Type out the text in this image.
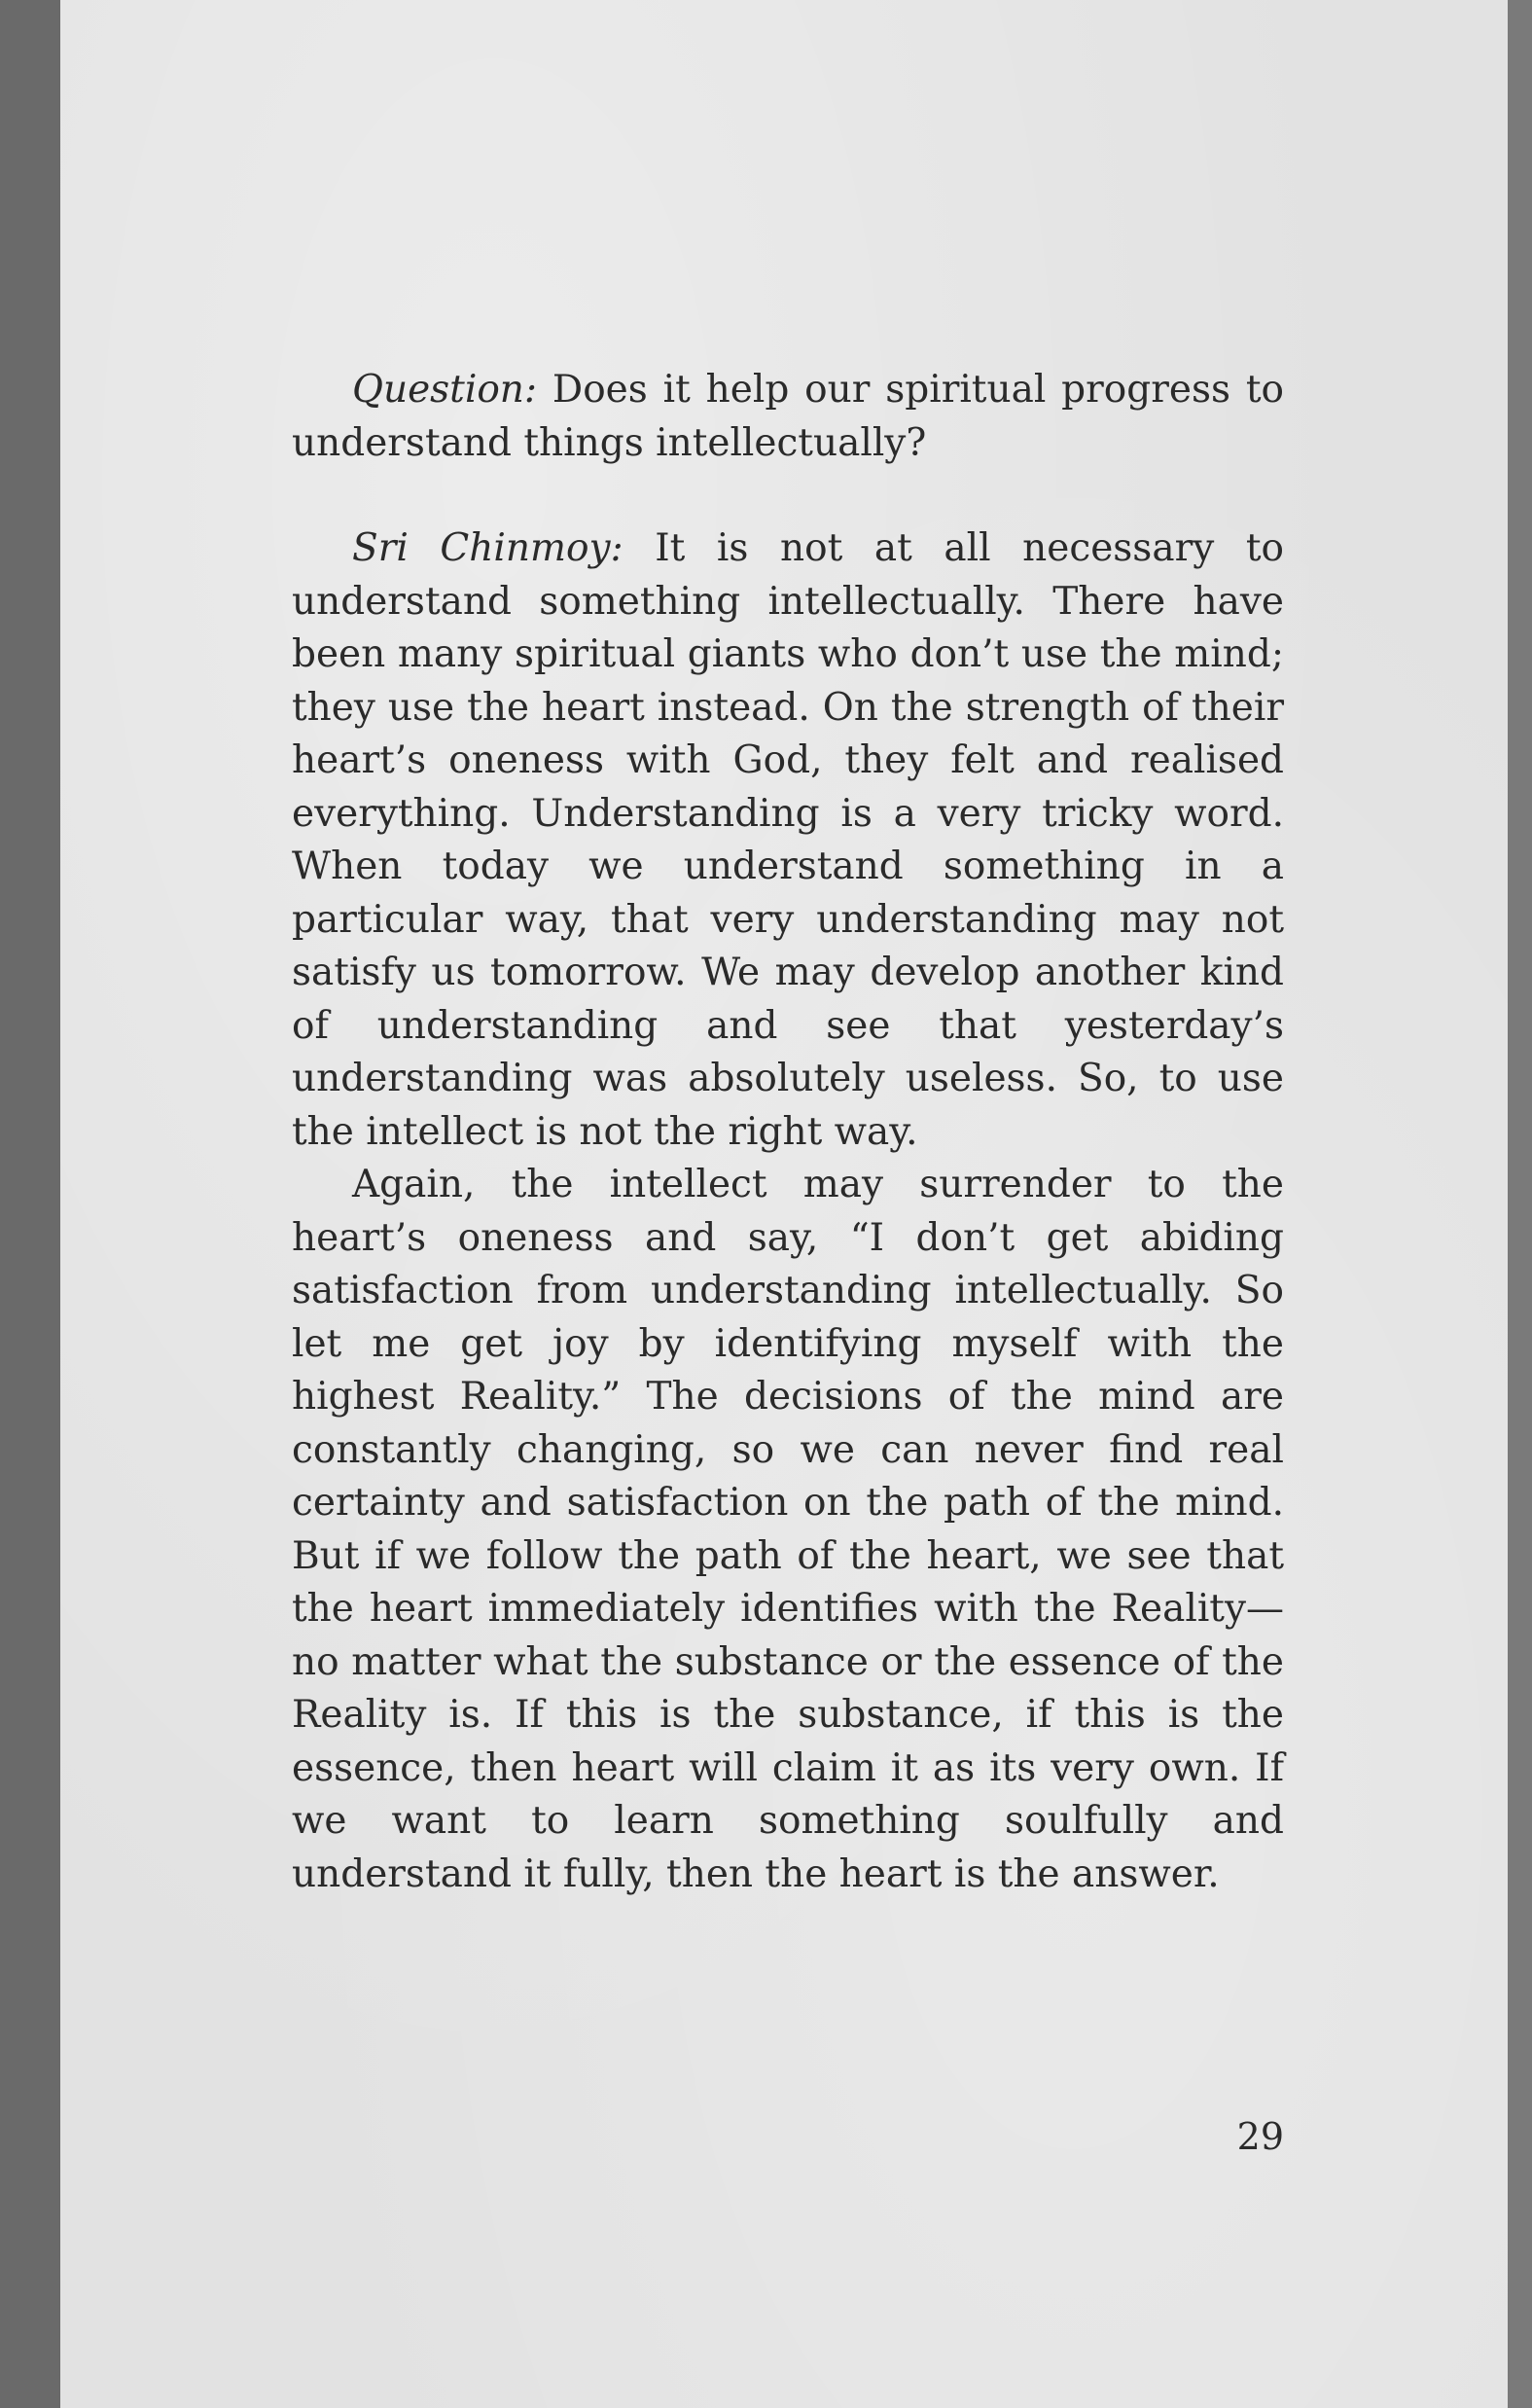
Question: Does it help our spiritual progress to understand things intellectually?

Sri Chinmoy: It is not at all necessary to understand something intellectually. There have been many spiritual giants who don’t use the mind; they use the heart instead. On the strength of their heart’s oneness with God, they felt and realised everything. Understanding is a very tricky word. When today we understand something in a particular way, that very understanding may not satisfy us tomorrow. We may develop another kind of understanding and see that yesterday’s understanding was absolutely useless. So, to use the intellect is not the right way.

Again, the intellect may surrender to the heart’s oneness and say, “I don’t get abiding satisfaction from understanding intellectually. So let me get joy by identifying myself with the highest Reality.” The decisions of the mind are constantly changing, so we can never find real certainty and satisfaction on the path of the mind. But if we follow the path of the heart, we see that the heart immediately identifies with the Reality—no matter what the substance or the essence of the Reality is. If this is the substance, if this is the essence, then heart will claim it as its very own. If we want to learn something soulfully and understand it fully, then the heart is the answer.

29
